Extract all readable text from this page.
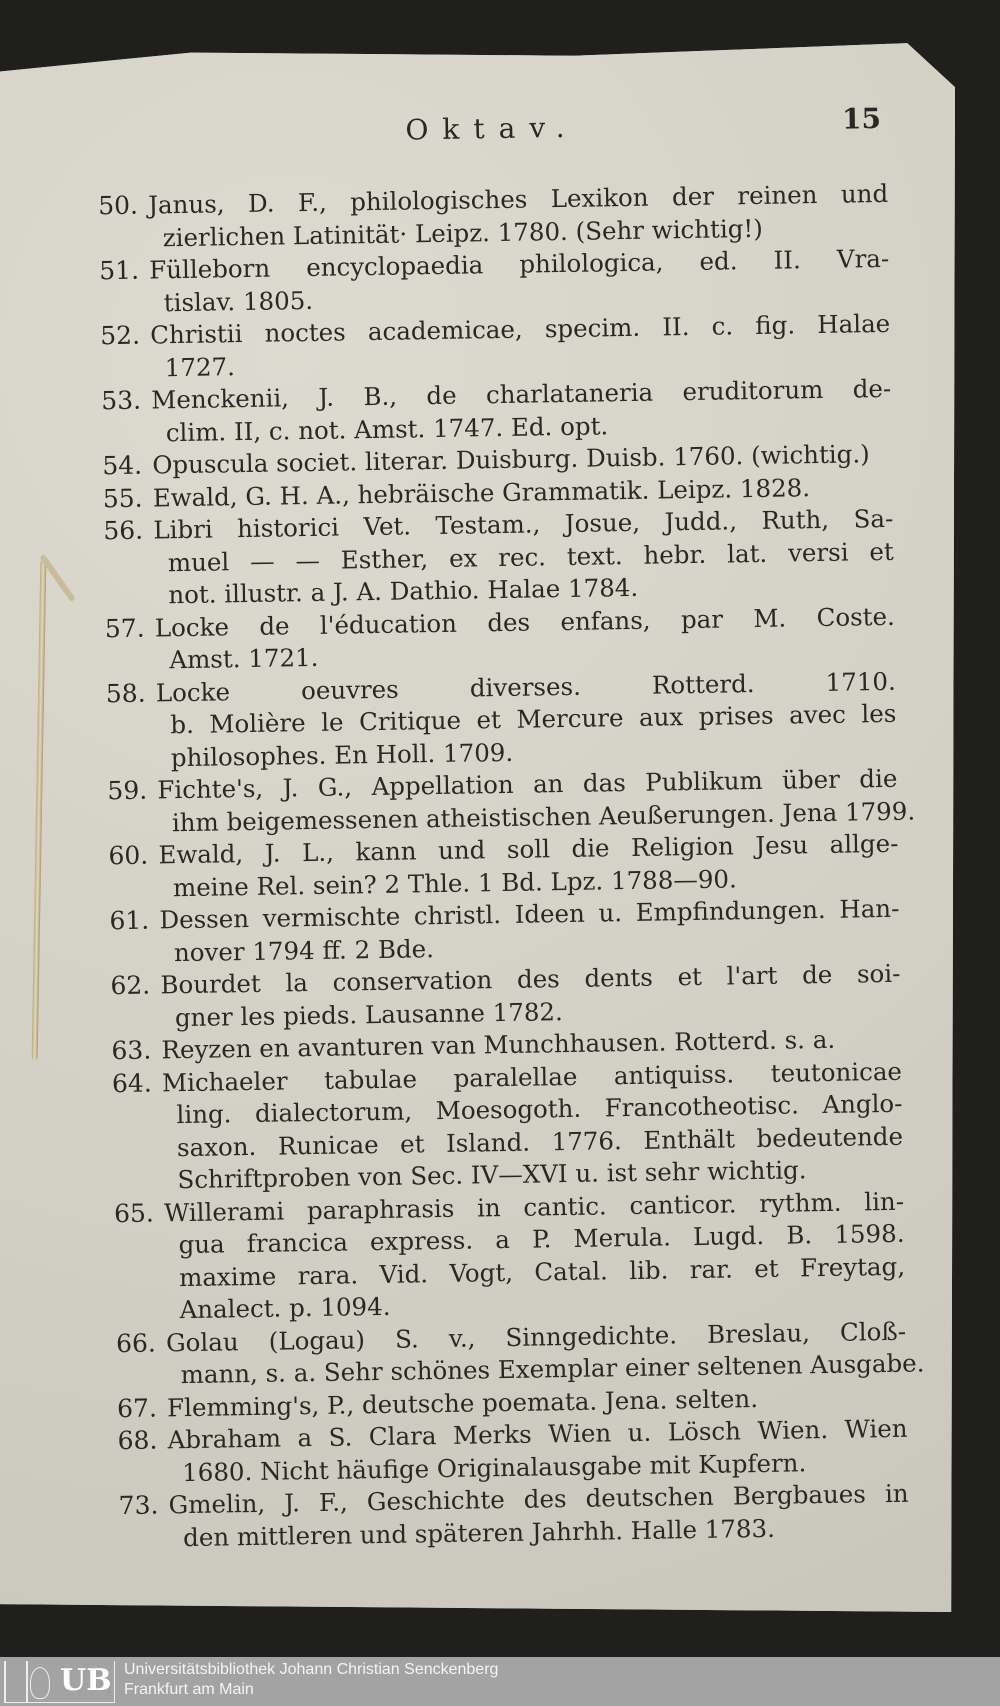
Oktav.	15
50. Janus, D. F., philologisches Lexikon der reinen und
zierlichen Latinität· Leipz. 1780. (Sehr wichtig!)
51. Fülleborn encyclopaedia philologica, ed. II. Vra-
tislav. 1805.
52. Christii noctes academicae, specim. II. c. fig. Halae
1727.
53. Menckenii, J. B., de charlataneria eruditorum de-
clim. II, c. not. Amst. 1747. Ed. opt.
54. Opuscula societ. literar. Duisburg. Duisb. 1760. (wichtig.)
55. Ewald, G. H. A., hebräische Grammatik. Leipz. 1828.
56. Libri historici Vet. Testam., Josue, Judd., Ruth, Sa-
muel — — Esther, ex rec. text. hebr. lat. versi et
not. illustr. a J. A. Dathio. Halae 1784.
57. Locke de l'éducation des enfans, par M. Coste.
Amst. 1721.
58. Locke oeuvres diverses. Rotterd. 1710.
b. Molière le Critique et Mercure aux prises avec les
philosophes. En Holl. 1709.
59. Fichte's, J. G., Appellation an das Publikum über die
ihm beigemessenen atheistischen Aeußerungen. Jena 1799.
60. Ewald, J. L., kann und soll die Religion Jesu allge-
meine Rel. sein? 2 Thle. 1 Bd. Lpz. 1788—90.
61. Dessen vermischte christl. Ideen u. Empfindungen. Han-
nover 1794 ff. 2 Bde.
62. Bourdet la conservation des dents et l'art de soi-
gner les pieds. Lausanne 1782.
63. Reyzen en avanturen van Munchhausen. Rotterd. s. a.
64. Michaeler tabulae paralellae antiquiss. teutonicae
ling. dialectorum, Moesogoth. Francotheotisc. Anglo-
saxon. Runicae et Island. 1776. Enthält bedeutende
Schriftproben von Sec. IV—XVI u. ist sehr wichtig.
65. Willerami paraphrasis in cantic. canticor. rythm. lin-
gua francica express. a P. Merula. Lugd. B. 1598.
maxime rara. Vid. Vogt, Catal. lib. rar. et Freytag,
Analect. p. 1094.
66. Golau (Logau) S. v., Sinngedichte. Breslau, Cloß-
mann, s. a. Sehr schönes Exemplar einer seltenen Ausgabe.
67. Flemming's, P., deutsche poemata. Jena. selten.
68. Abraham a S. Clara Merks Wien u. Lösch Wien. Wien
1680. Nicht häufige Originalausgabe mit Kupfern.
73. Gmelin, J. F., Geschichte des deutschen Bergbaues in
den mittleren und späteren Jahrhh. Halle 1783.
UB Universitätsbibliothek Johann Christian Senckenberg
Frankfurt am Main
